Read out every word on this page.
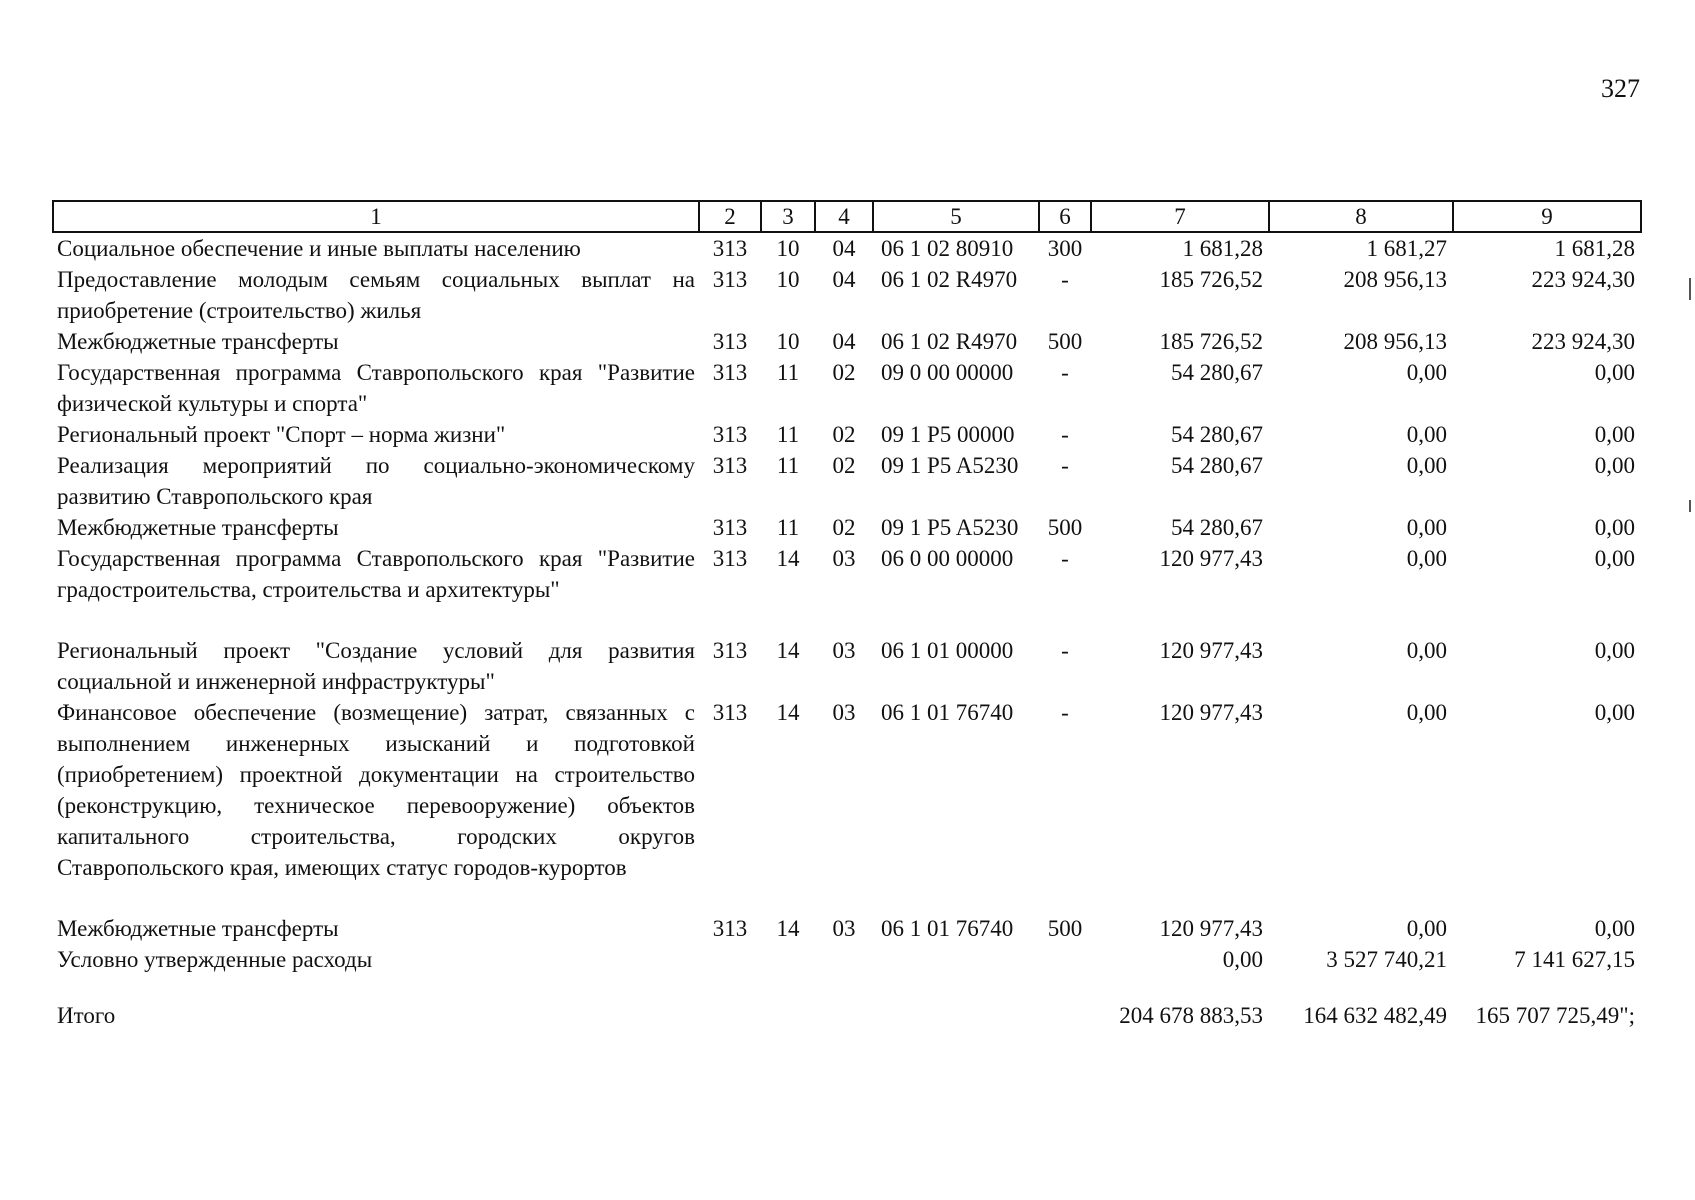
327
1	2	3	4	5	6	7	8	9
Социальное обеспечение и иные выплаты населению	313	10	04	06 1 02 80910	300	1 681,28	1 681,27	1 681,28
Предоставление молодым семьям социальных выплат на приобретение (строительство) жилья	313	10	04	06 1 02 R4970	-	185 726,52	208 956,13	223 924,30
Межбюджетные трансферты	313	10	04	06 1 02 R4970	500	185 726,52	208 956,13	223 924,30
Государственная программа Ставропольского края "Развитие физической культуры и спорта"	313	11	02	09 0 00 00000	-	54 280,67	0,00	0,00
Региональный проект "Спорт – норма жизни"	313	11	02	09 1 P5 00000	-	54 280,67	0,00	0,00
Реализация мероприятий по социально-экономическому развитию Ставропольского края	313	11	02	09 1 P5 A5230	-	54 280,67	0,00	0,00
Межбюджетные трансферты	313	11	02	09 1 P5 A5230	500	54 280,67	0,00	0,00
Государственная программа Ставропольского края "Развитие градостроительства, строительства и архитектуры"	313	14	03	06 0 00 00000	-	120 977,43	0,00	0,00
Региональный проект "Создание условий для развития социальной и инженерной инфраструктуры"	313	14	03	06 1 01 00000	-	120 977,43	0,00	0,00
Финансовое обеспечение (возмещение) затрат, связанных с выполнением инженерных изысканий и подготовкой (приобретением) проектной документации на строительство (реконструкцию, техническое перевооружение) объектов капитального строительства, городских округов Ставропольского края, имеющих статус городов-курортов	313	14	03	06 1 01 76740	-	120 977,43	0,00	0,00
Межбюджетные трансферты	313	14	03	06 1 01 76740	500	120 977,43	0,00	0,00
Условно утвержденные расходы						0,00	3 527 740,21	7 141 627,15
Итого						204 678 883,53	164 632 482,49	165 707 725,49";
